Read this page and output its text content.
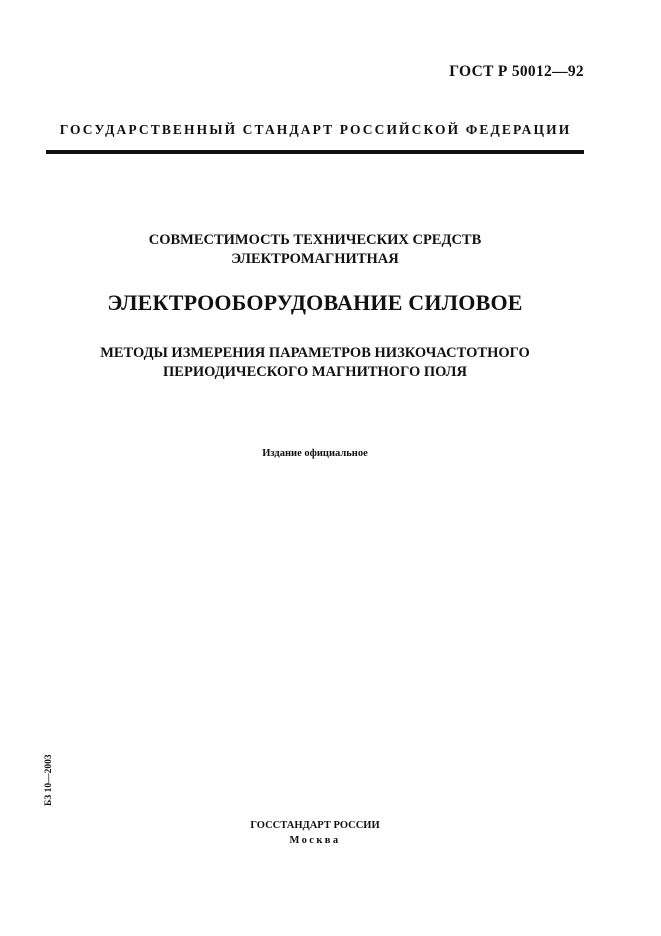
ГОСТ Р 50012—92
ГОСУДАРСТВЕННЫЙ СТАНДАРТ РОССИЙСКОЙ ФЕДЕРАЦИИ
СОВМЕСТИМОСТЬ ТЕХНИЧЕСКИХ СРЕДСТВ
ЭЛЕКТРОМАГНИТНАЯ
ЭЛЕКТРООБОРУДОВАНИЕ СИЛОВОЕ
МЕТОДЫ ИЗМЕРЕНИЯ ПАРАМЕТРОВ НИЗКОЧАСТОТНОГО
ПЕРИОДИЧЕСКОГО МАГНИТНОГО ПОЛЯ
Издание официальное
БЗ 10—2003
ГОССТАНДАРТ РОССИИ
Москва
